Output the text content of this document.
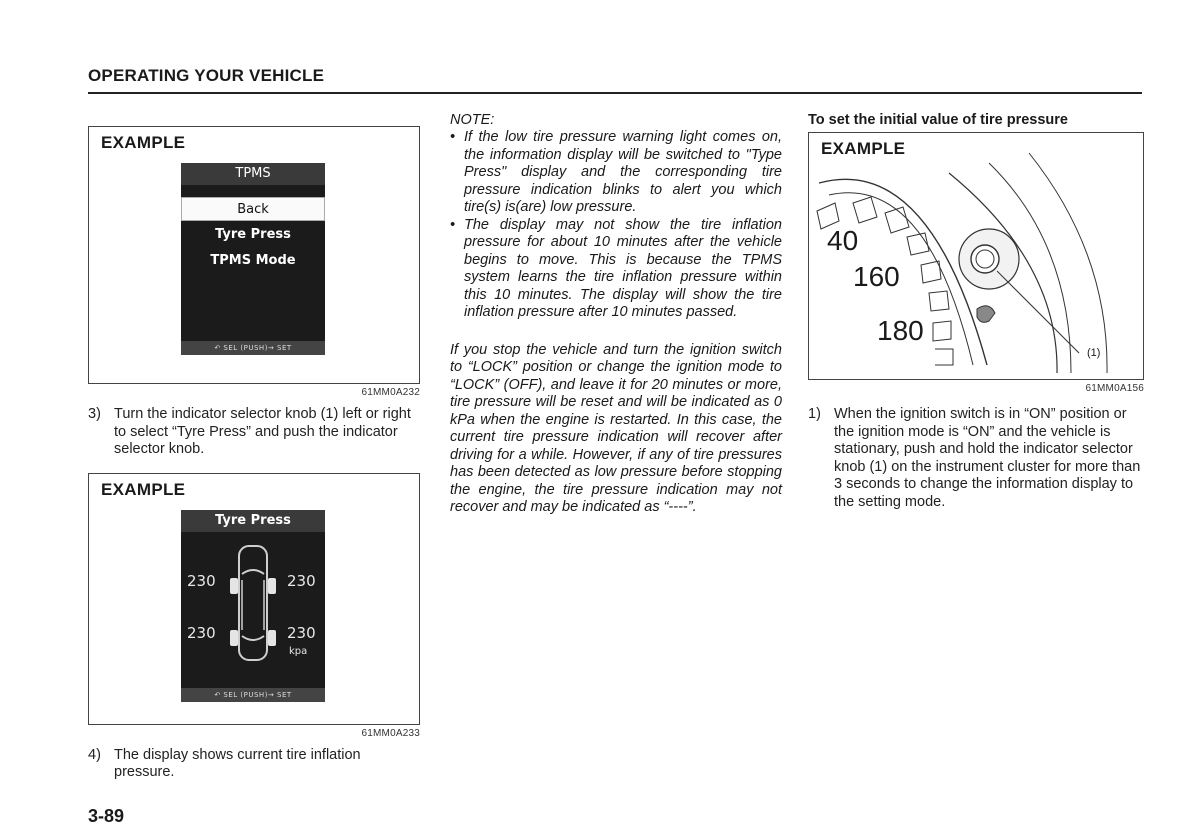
OPERATING YOUR VEHICLE
EXAMPLE
TPMS
Back
Tyre Press
TPMS Mode
↶ SEL (PUSH)→ SET
61MM0A232
3) Turn the indicator selector knob (1) left or right to select “Tyre Press” and push the indicator selector knob.
EXAMPLE
Tyre Press
230	230
230	230
kpa
↶ SEL (PUSH)→ SET
61MM0A233
4) The display shows current tire inflation pressure.
NOTE:
• If the low tire pressure warning light comes on, the information display will be switched to "Type Press" display and the corresponding tire pressure indication blinks to alert you which tire(s) is(are) low pressure.
• The display may not show the tire inflation pressure for about 10 minutes after the vehicle begins to move. This is because the TPMS system learns the tire inflation pressure within this 10 minutes. The display will show the tire inflation pressure after 10 minutes passed.

If you stop the vehicle and turn the ignition switch to “LOCK” position or change the ignition mode to “LOCK” (OFF), and leave it for 20 minutes or more, tire pressure will be reset and will be indicated as 0 kPa when the engine is restarted. In this case, the current tire pressure indication will recover after driving for a while. However, if any of tire pressures has been detected as low pressure before stopping the engine, the tire pressure indication may not recover and may be indicated as “----”.

To set the initial value of tire pressure
EXAMPLE
40
160
180
(1)
61MM0A156
1) When the ignition switch is in “ON” position or the ignition mode is “ON” and the vehicle is stationary, push and hold the indicator selector knob (1) on the instrument cluster for more than 3 seconds to change the information display to the setting mode.
3-89
